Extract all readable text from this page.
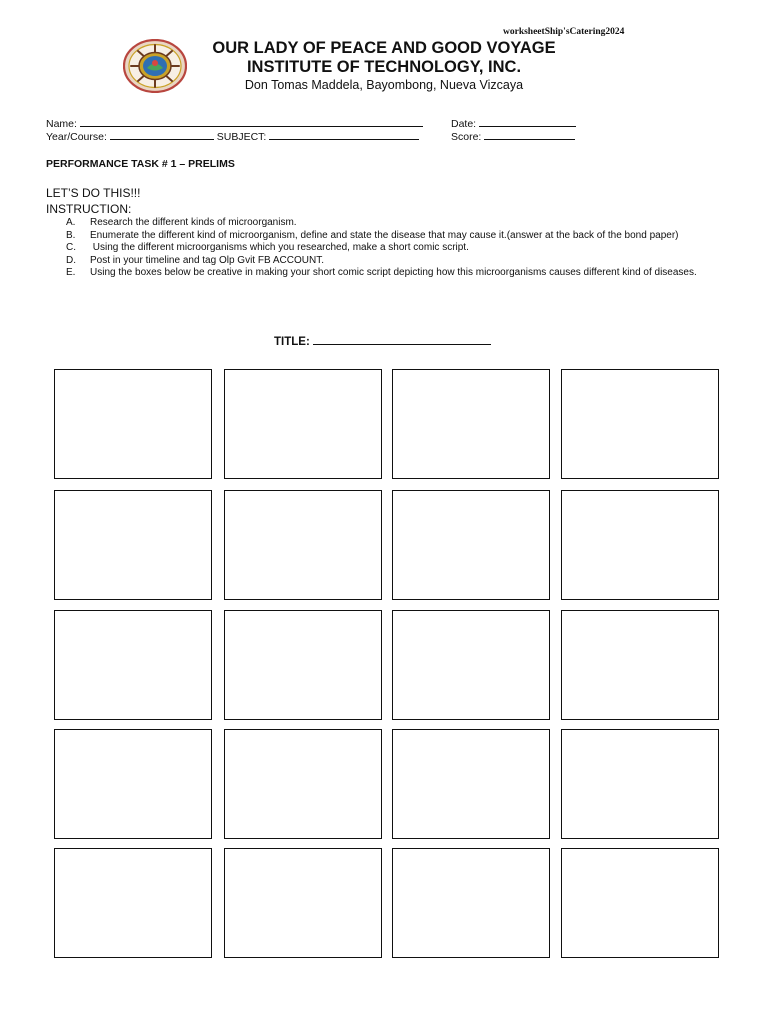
worksheetShip'sCatering2024
OUR LADY OF PEACE AND GOOD VOYAGE
INSTITUTE OF TECHNOLOGY, INC.
Don Tomas Maddela, Bayombong, Nueva Vizcaya
Name:	Date:
Year/Course:	SUBJECT:	Score:
PERFORMANCE TASK # 1 – PRELIMS
LET’S DO THIS!!!
INSTRUCTION:
A.	Research the different kinds of microorganism.
B.	Enumerate the different kind of microorganism, define and state the disease that may cause it.(answer at the back of the bond paper)
C.	Using the different microorganisms which you researched, make a short comic script.
D.	Post in your timeline and tag Olp Gvit FB ACCOUNT.
E.	Using the boxes below be creative in making your short comic script depicting how this microorganisms causes different kind of diseases.
TITLE:
